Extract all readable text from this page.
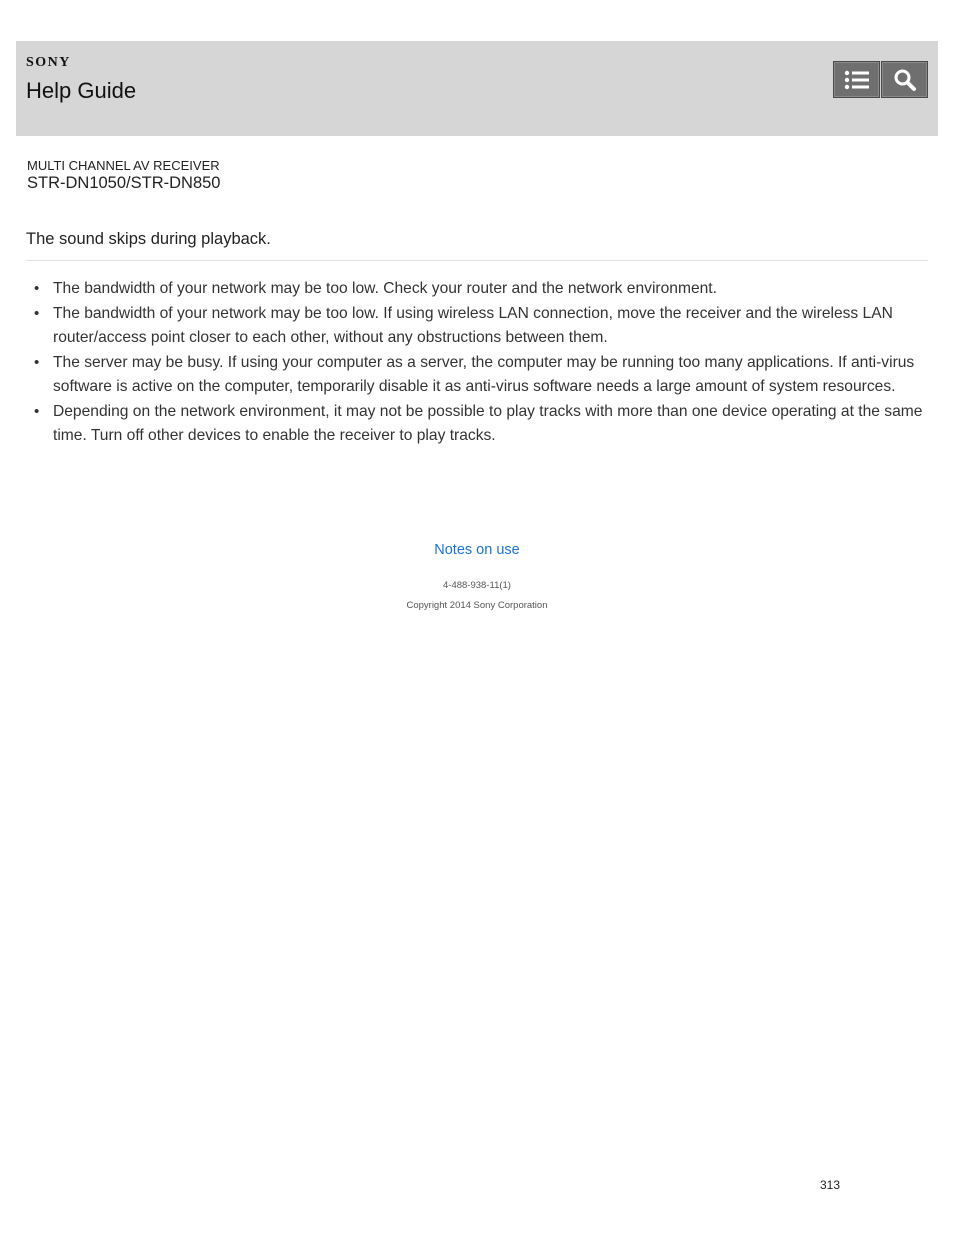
SONY
Help Guide
MULTI CHANNEL AV RECEIVER
STR-DN1050/STR-DN850
The sound skips during playback.
• The bandwidth of your network may be too low. Check your router and the network environment.
• The bandwidth of your network may be too low. If using wireless LAN connection, move the receiver and the wireless LAN router/access point closer to each other, without any obstructions between them.
• The server may be busy. If using your computer as a server, the computer may be running too many applications. If anti-virus software is active on the computer, temporarily disable it as anti-virus software needs a large amount of system resources.
• Depending on the network environment, it may not be possible to play tracks with more than one device operating at the same time. Turn off other devices to enable the receiver to play tracks.
Notes on use
4-488-938-11(1)
Copyright 2014 Sony Corporation
313
